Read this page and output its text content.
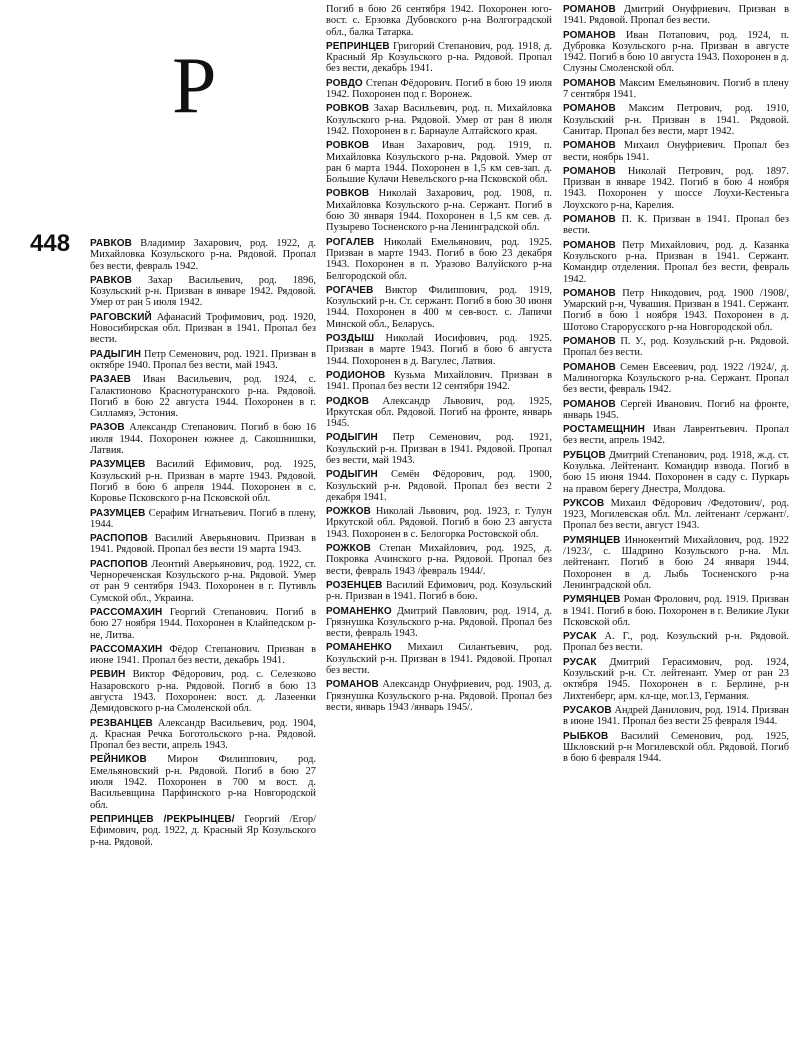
Р
448 РАВКОВ Владимир Захарович, род. 1922, д. Михайловка Козульского р-на. Рядовой. Пропал без вести, февраль 1942.
РАВКОВ Захар Васильевич, род. 1896, Козульский р-н. Призван в январе 1942. Рядовой. Умер от ран 5 июля 1942.
РАГОВСКИЙ Афанасий Трофимович, род. 1920, Новосибирская обл. Призван в 1941. Пропал без вести.
РАДЫГИН Петр Семенович, род. 1921. Призван в октябре 1940. Пропал без вести, май 1943.
РАЗАЕВ Иван Васильевич, род. 1924, с. Галактионово Краснотуранского р-на. Рядовой. Погиб в бою 22 августа 1944. Похоронен в г. Силламяэ, Эстония.
РАЗОВ Александр Степанович. Погиб в бою 16 июля 1944. Похоронен южнее д. Сакошнишки, Латвия.
РАЗУМЦЕВ Василий Ефимович, род. 1925, Козульский р-н. Призван в марте 1943. Рядовой. Погиб в бою 6 апреля 1944. Похоронен в с. Коровье Псковского р-на Псковской обл.
РАЗУМЦЕВ Серафим Игнатьевич. Погиб в плену, 1944.
РАСПОПОВ Василий Аверьянович. Призван в 1941. Рядовой. Пропал без вести 19 марта 1943.
РАСПОПОВ Леонтий Аверьянович, род. 1922, ст. Чернореченская Козульского р-на. Рядовой. Умер от ран 9 сентября 1943. Похоронен в г. Путивль Сумской обл., Украина.
РАССОМАХИН Георгий Степанович. Погиб в бою 27 ноября 1944. Похоронен в Клайпедском р-не, Литва.
РАССОМАХИН Фёдор Степанович. Призван в июне 1941. Пропал без вести, декабрь 1941.
РЕВИН Виктор Фёдорович, род. с. Селезково Назаровского р-на. Рядовой. Погиб в бою 13 августа 1943. Похоронен: вост. д. Лазеенки Демидовского р-на Смоленской обл.
РЕЗВАНЦЕВ Александр Васильевич, род. 1904, д. Красная Речка Боготольского р-на. Рядовой. Пропал без вести, апрель 1943.
РЕЙНИКОВ Мирон Филиппович, род. Емельяновский р-н. Рядовой. Погиб в бою 27 июля 1942. Похоронен в 700 м вост. д. Васильевщина Парфинского р-на Новгородской обл.
РЕПРИНЦЕВ /РЕКРЫНЦЕВ/ Георгий /Егор/ Ефимович, род. 1922, д. Красный Яр Козульского р-на. Рядовой.
Погиб в бою 26 сентября 1942. Похоронен юго-вост. с. Ерзовка Дубовского р-на Волгоградской обл., балка Татарка.
РЕПРИНЦЕВ Григорий Степанович, род. 1918, д. Красный Яр Козульского р-на. Рядовой. Пропал без вести, декабрь 1941.
РОВДО Степан Фёдорович. Погиб в бою 19 июля 1942. Похоронен под г. Воронеж.
РОВКОВ Захар Васильевич, род. п. Михайловка Козульского р-на. Рядовой. Умер от ран 8 июля 1942. Похоронен в г. Барнауле Алтайского края.
РОВКОВ Иван Захарович, род. 1919, п. Михайловка Козульского р-на. Рядовой. Умер от ран 6 марта 1944. Похоронен в 1,5 км сев-зап. д. Большие Кулачи Невельского р-на Псковской обл.
РОВКОВ Николай Захарович, род. 1908, п. Михайловка Козульского р-на. Сержант. Погиб в бою 30 января 1944. Похоронен в 1,5 км сев. д. Пузырево Тосненского р-на Ленинградской обл.
РОГАЛЕВ Николай Емельянович, род. 1925. Призван в марте 1943. Погиб в бою 23 декабря 1943. Похоронен в п. Уразово Валуйского р-на Белгородской обл.
РОГАЧЕВ Виктор Филиппович, род. 1919, Козульский р-н. Ст. сержант. Погиб в бою 30 июня 1944. Похоронен в 400 м сев-вост. с. Лапичи Минской обл., Беларусь.
РОЗДЫШ Николай Иосифович, род. 1925. Призван в марте 1943. Погиб в бою 6 августа 1944. Похоронен в д. Вагулес, Латвия.
РОДИОНОВ Кузьма Михайлович. Призван в 1941. Пропал без вести 12 сентября 1942.
РОДКОВ Александр Львович, род. 1925, Иркутская обл. Рядовой. Погиб на фронте, январь 1945.
РОДЫГИН Петр Семенович, род. 1921, Козульский р-н. Призван в 1941. Рядовой. Пропал без вести, май 1943.
РОДЫГИН Семён Фёдорович, род. 1900, Козульский р-н. Рядовой. Пропал без вести 2 декабря 1941.
РОЖКОВ Николай Львович, род. 1923, г. Тулун Иркутской обл. Рядовой. Погиб в бою 23 августа 1943. Похоронен в с. Белогорка Ростовской обл.
РОЖКОВ Степан Михайлович, род. 1925, д. Покровка Ачинского р-на. Рядовой. Пропал без вести, февраль 1943 /февраль 1944/.
РОЗЕНЦЕВ Василий Ефимович, род. Козульский р-н. Призван в 1941. Погиб в бою.
РОМАНЕНКО Дмитрий Павлович, род. 1914, д. Грязнушка Козульского р-на. Рядовой. Пропал без вести, февраль 1943.
РОМАНЕНКО Михаил Силантьевич, род. Козульский р-н. Призван в 1941. Рядовой. Пропал без вести.
РОМАНОВ Александр Онуфриевич, род. 1903, д. Грязнушка Козульского р-на. Рядовой. Пропал без вести, январь 1943 /январь 1945/.
РОМАНОВ Дмитрий Онуфриевич. Призван в 1941. Рядовой. Пропал без вести.
РОМАНОВ Иван Потапович, род. 1924, п. Дубровка Козульского р-на. Призван в августе 1942. Погиб в бою 10 августа 1943. Похоронен в д. Слузны Смоленской обл.
РОМАНОВ Максим Емельянович. Погиб в плену 7 сентября 1941.
РОМАНОВ Максим Петрович, род. 1910, Козульский р-н. Призван в 1941. Рядовой. Санитар. Пропал без вести, март 1942.
РОМАНОВ Михаил Онуфриевич. Пропал без вести, ноябрь 1941.
РОМАНОВ Николай Петрович, род. 1897. Призван в январе 1942. Погиб в бою 4 ноября 1943. Похоронен у шоссе Лоухи-Кестеньга Лоухского р-на, Карелия.
РОМАНОВ П. К. Призван в 1941. Пропал без вести.
РОМАНОВ Петр Михайлович, род. д. Казанка Козульского р-на. Призван в 1941. Сержант. Командир отделения. Пропал без вести, февраль 1942.
РОМАНОВ Петр Никодович, род. 1900 /1908/, Умарский р-н, Чувашия. Призван в 1941. Сержант. Погиб в бою 1 ноября 1943. Похоронен в д. Шотово Старорусского р-на Новгородской обл.
РОМАНОВ П. У., род. Козульский р-н. Рядовой. Пропал без вести.
РОМАНОВ Семен Евсеевич, род. 1922 /1924/, д. Малиногорка Козульского р-на. Сержант. Пропал без вести, февраль 1942.
РОМАНОВ Сергей Иванович. Погиб на фронте, январь 1945.
РОСТАМЕЩНИН Иван Лаврентьевич. Пропал без вести, апрель 1942.
РУБЦОВ Дмитрий Степанович, род. 1918, ж.д. ст. Козулька. Лейтенант. Командир взвода. Погиб в бою 15 июня 1944. Похоронен в саду с. Пуркарь на правом берегу Днестра, Молдова.
РУКСОВ Михаил Фёдорович /Федотович/, род. 1923, Могилевская обл. Мл. лейтенант /сержант/. Пропал без вести, август 1943.
РУМЯНЦЕВ Иннокентий Михайлович, род. 1922 /1923/, с. Шадрино Козульского р-на. Мл. лейтенант. Погиб в бою 24 января 1944. Похоронен в д. Лыбь Тосненского р-на Ленинградской обл.
РУМЯНЦЕВ Роман Фролович, род. 1919. Призван в 1941. Погиб в бою. Похоронен в г. Великие Луки Псковской обл.
РУСАК А. Г., род. Козульский р-н. Рядовой. Пропал без вести.
РУСАК Дмитрий Герасимович, род. 1924, Козульский р-н. Ст. лейтенант. Умер от ран 23 октября 1945. Похоронен в г. Берлине, р-н Лихтенберг, арм. кл-ще, мог.13, Германия.
РУСАКОВ Андрей Данилович, род. 1914. Призван в июне 1941. Пропал без вести 25 февраля 1944.
РЫБКОВ Василий Семенович, род. 1925, Шкловский р-н Могилевской обл. Рядовой. Погиб в бою 6 февраля 1944.
